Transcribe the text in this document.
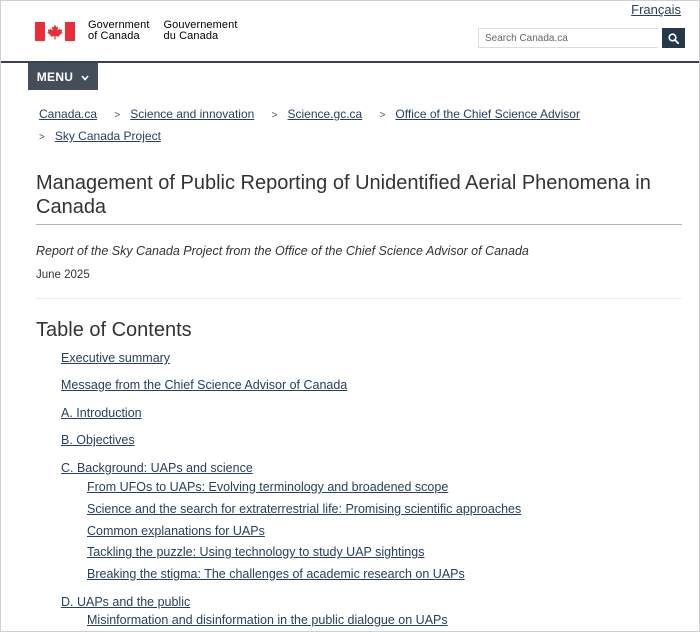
Français
Government
of Canada
Gouvernement
du Canada
Search Canada.ca
MENU
Canada.ca > Science and innovation > Science.gc.ca > Office of the Chief Science Advisor
> Sky Canada Project
Management of Public Reporting of Unidentified Aerial Phenomena in Canada

Report of the Sky Canada Project from the Office of the Chief Science Advisor of Canada

June 2025

Table of Contents
Executive summary
Message from the Chief Science Advisor of Canada
A. Introduction
B. Objectives
C. Background: UAPs and science
From UFOs to UAPs: Evolving terminology and broadened scope
Science and the search for extraterrestrial life: Promising scientific approaches
Common explanations for UAPs
Tackling the puzzle: Using technology to study UAP sightings
Breaking the stigma: The challenges of academic research on UAPs
D. UAPs and the public
Misinformation and disinformation in the public dialogue on UAPs
